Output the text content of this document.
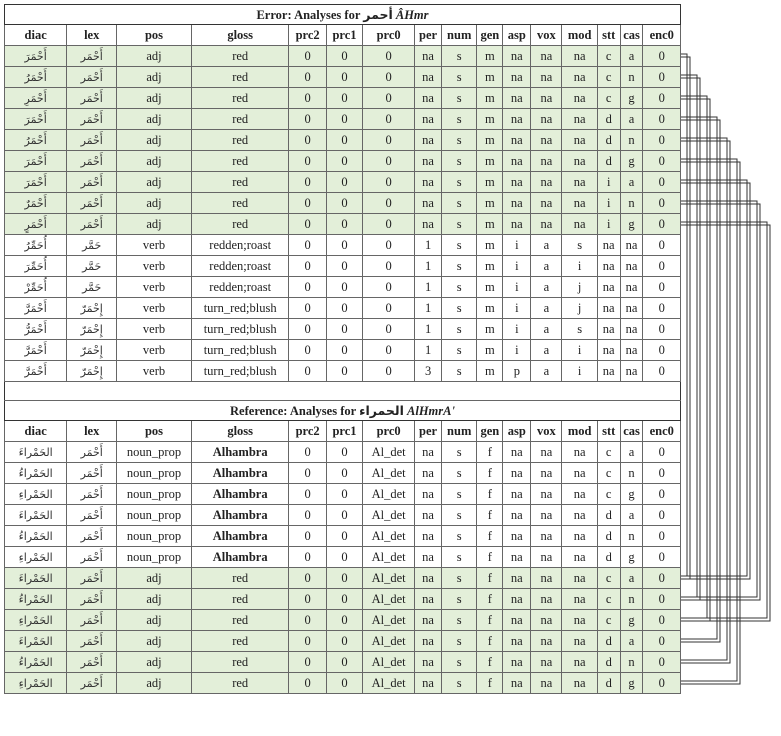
Error: Analyses for أحمر ÂHmr															
diac	lex	pos	gloss	prc2	prc1	prc0	per	num	gen	asp	vox	mod	stt	cas	enc0
أَحْمَرَ	أَحْمَر	adj	red	0	0	0	na	s	m	na	na	na	c	a	0
أَحْمَرُ	أَحْمَر	adj	red	0	0	0	na	s	m	na	na	na	c	n	0
أَحْمَرِ	أَحْمَر	adj	red	0	0	0	na	s	m	na	na	na	c	g	0
أَحْمَرَ	أَحْمَر	adj	red	0	0	0	na	s	m	na	na	na	d	a	0
أَحْمَرُ	أَحْمَر	adj	red	0	0	0	na	s	m	na	na	na	d	n	0
أَحْمَرَ	أَحْمَر	adj	red	0	0	0	na	s	m	na	na	na	d	g	0
أَحْمَرَ	أَحْمَر	adj	red	0	0	0	na	s	m	na	na	na	i	a	0
أَحْمَرٌ	أَحْمَر	adj	red	0	0	0	na	s	m	na	na	na	i	n	0
أَحْمَرٍ	أَحْمَر	adj	red	0	0	0	na	s	m	na	na	na	i	g	0
أُحَمِّرُ	حَمَّر	verb	redden;roast	0	0	0	1	s	m	i	a	s	na	na	0
أُحَمِّرَ	حَمَّر	verb	redden;roast	0	0	0	1	s	m	i	a	i	na	na	0
أُحَمِّرْ	حَمَّر	verb	redden;roast	0	0	0	1	s	m	i	a	j	na	na	0
أَحْمَرَّ	إِحْمَرّ	verb	turn_red;blush	0	0	0	1	s	m	i	a	j	na	na	0
أَحْمَرُّ	إِحْمَرّ	verb	turn_red;blush	0	0	0	1	s	m	i	a	s	na	na	0
أَحْمَرَّ	إِحْمَرّ	verb	turn_red;blush	0	0	0	1	s	m	i	a	i	na	na	0
أَحْمَرَّ	إِحْمَرّ	verb	turn_red;blush	0	0	0	3	s	m	p	a	i	na	na	0

Reference: Analyses for الحمراء AlHmrA'															
diac	lex	pos	gloss	prc2	prc1	prc0	per	num	gen	asp	vox	mod	stt	cas	enc0
الحَمْراءَ	أَحْمَر	noun_prop	Alhambra	0	0	Al_det	na	s	f	na	na	na	c	a	0
الحَمْراءُ	أَحْمَر	noun_prop	Alhambra	0	0	Al_det	na	s	f	na	na	na	c	n	0
الحَمْراءِ	أَحْمَر	noun_prop	Alhambra	0	0	Al_det	na	s	f	na	na	na	c	g	0
الحَمْراءَ	أَحْمَر	noun_prop	Alhambra	0	0	Al_det	na	s	f	na	na	na	d	a	0
الحَمْراءُ	أَحْمَر	noun_prop	Alhambra	0	0	Al_det	na	s	f	na	na	na	d	n	0
الحَمْراءِ	أَحْمَر	noun_prop	Alhambra	0	0	Al_det	na	s	f	na	na	na	d	g	0
الحَمْراءَ	أَحْمَر	adj	red	0	0	Al_det	na	s	f	na	na	na	c	a	0
الحَمْراءُ	أَحْمَر	adj	red	0	0	Al_det	na	s	f	na	na	na	c	n	0
الحَمْراءِ	أَحْمَر	adj	red	0	0	Al_det	na	s	f	na	na	na	c	g	0
الحَمْراءَ	أَحْمَر	adj	red	0	0	Al_det	na	s	f	na	na	na	d	a	0
الحَمْراءُ	أَحْمَر	adj	red	0	0	Al_det	na	s	f	na	na	na	d	n	0
الحَمْراءِ	أَحْمَر	adj	red	0	0	Al_det	na	s	f	na	na	na	d	g	0
